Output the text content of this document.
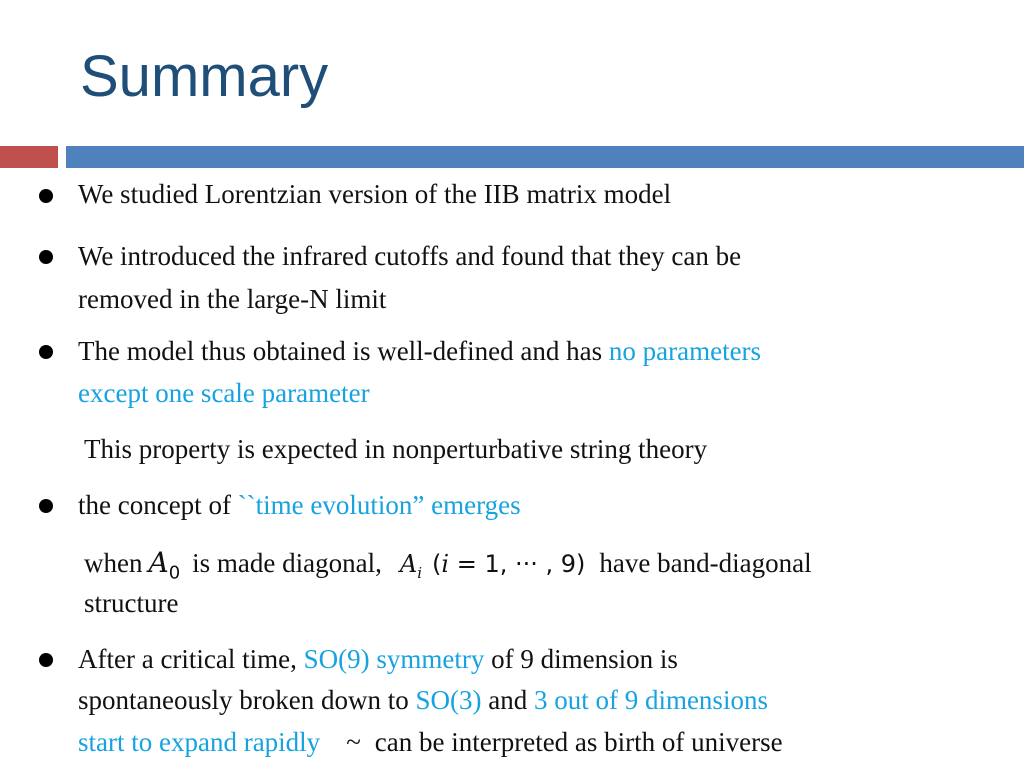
Summary
We studied Lorentzian version of the IIB matrix model
We introduced the infrared cutoffs and found that they can be
removed in the large-N limit
The model thus obtained is well-defined and has no parameters
except one scale parameter
This property is expected in nonperturbative string theory
the concept of ``time evolution” emerges
when $A_0$ is made diagonal, $A_i$ (i = 1, ··· , 9) have band-diagonal
structure
After a critical time, SO(9) symmetry of 9 dimension is
spontaneously broken down to SO(3) and 3 out of 9 dimensions
start to expand rapidly ~ can be interpreted as birth of universe
